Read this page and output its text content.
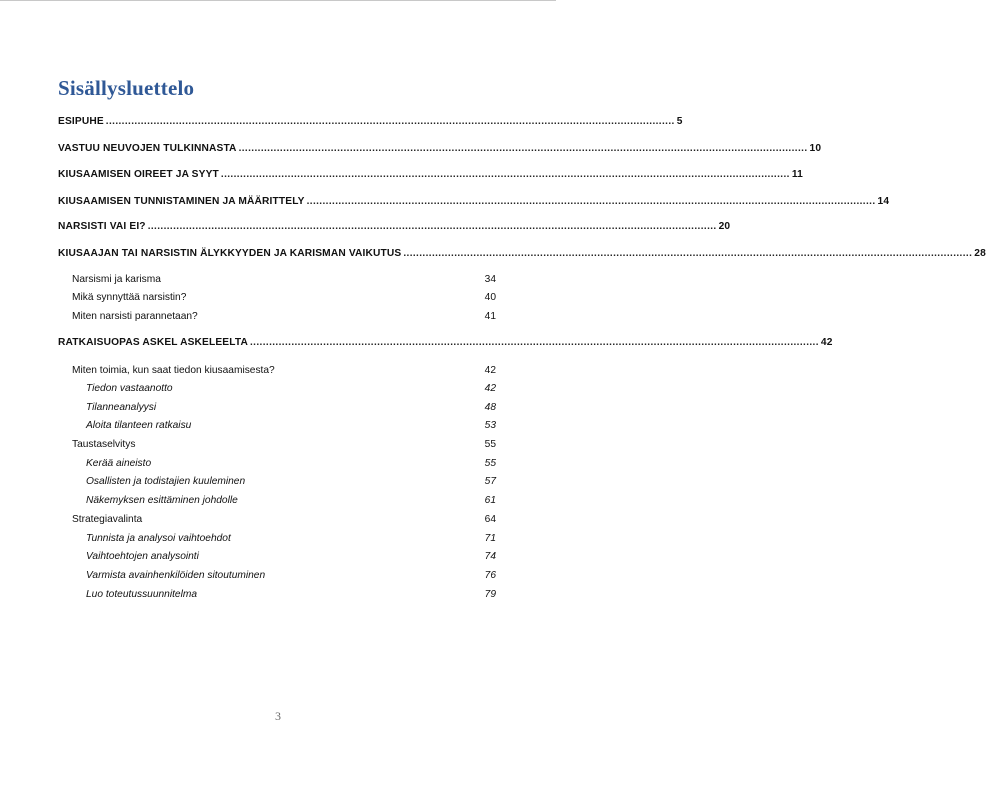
Sisällysluettelo
ESIPUHE ................................................................................................................................................................................... 5
VASTUU NEUVOJEN TULKINNASTA ................................................................................................................................................................................... 10
KIUSAAMISEN OIREET JA SYYT ................................................................................................................................................................................... 11
KIUSAAMISEN TUNNISTAMINEN JA MÄÄRITTELY ................................................................................................................................................................................... 14
NARSISTI VAI EI? ................................................................................................................................................................................... 20
KIUSAAJAN TAI NARSISTIN ÄLYKKYYDEN JA KARISMAN VAIKUTUS ................................................................................................................................................................................... 28
Narsismi ja karisma	34
Mikä synnyttää narsistin?	40
Miten narsisti parannetaan?	41
RATKAISUOPAS ASKEL ASKELEELTA ................................................................................................................................................................................... 42
Miten toimia, kun saat tiedon kiusaamisesta?	42
Tiedon vastaanotto	42
Tilanneanalyysi	48
Aloita tilanteen ratkaisu	53
Taustaselvitys	55
Kerää aineisto	55
Osallisten ja todistajien kuuleminen	57
Näkemyksen esittäminen johdolle	61
Strategiavalinta	64
Tunnista ja analysoi vaihtoehdot	71
Vaihtoehtojen analysointi	74
Varmista avainhenkilöiden sitoutuminen	76
Luo toteutussuunnitelma	79
3
